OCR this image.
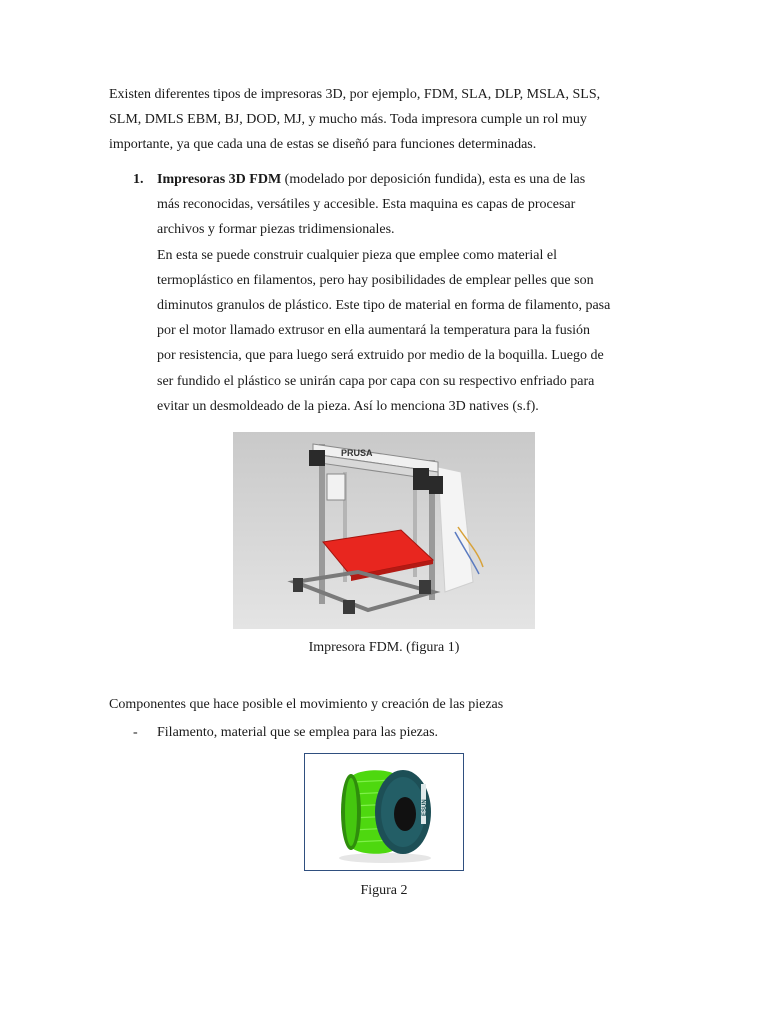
Existen diferentes tipos de impresoras 3D, por ejemplo, FDM, SLA, DLP, MSLA, SLS,
SLM, DMLS EBM, BJ, DOD, MJ, y mucho más. Toda impresora cumple un rol muy
importante, ya que cada una de estas se diseñó para funciones determinadas.
1. Impresoras 3D FDM (modelado por deposición fundida), esta es una de las
más reconocidas, versátiles y accesible. Esta maquina es capas de procesar
archivos y formar piezas tridimensionales.
En esta se puede construir cualquier pieza que emplee como material el
termoplástico en filamentos, pero hay posibilidades de emplear pelles que son
diminutos granulos de plástico. Este tipo de material en forma de filamento, pasa
por el motor llamado extrusor en ella aumentará la temperatura para la fusión
por resistencia, que para luego será extruido por medio de la boquilla. Luego de
ser fundido el plástico se unirán capa por capa con su respectivo enfriado para
evitar un desmoldeado de la pieza. Así lo menciona 3D natives (s.f).
PRUSA
Impresora FDM. (figura 1)
Componentes que hace posible el movimiento y creación de las piezas
- Filamento, material que se emplea para las piezas.
ESUN
Figura 2
